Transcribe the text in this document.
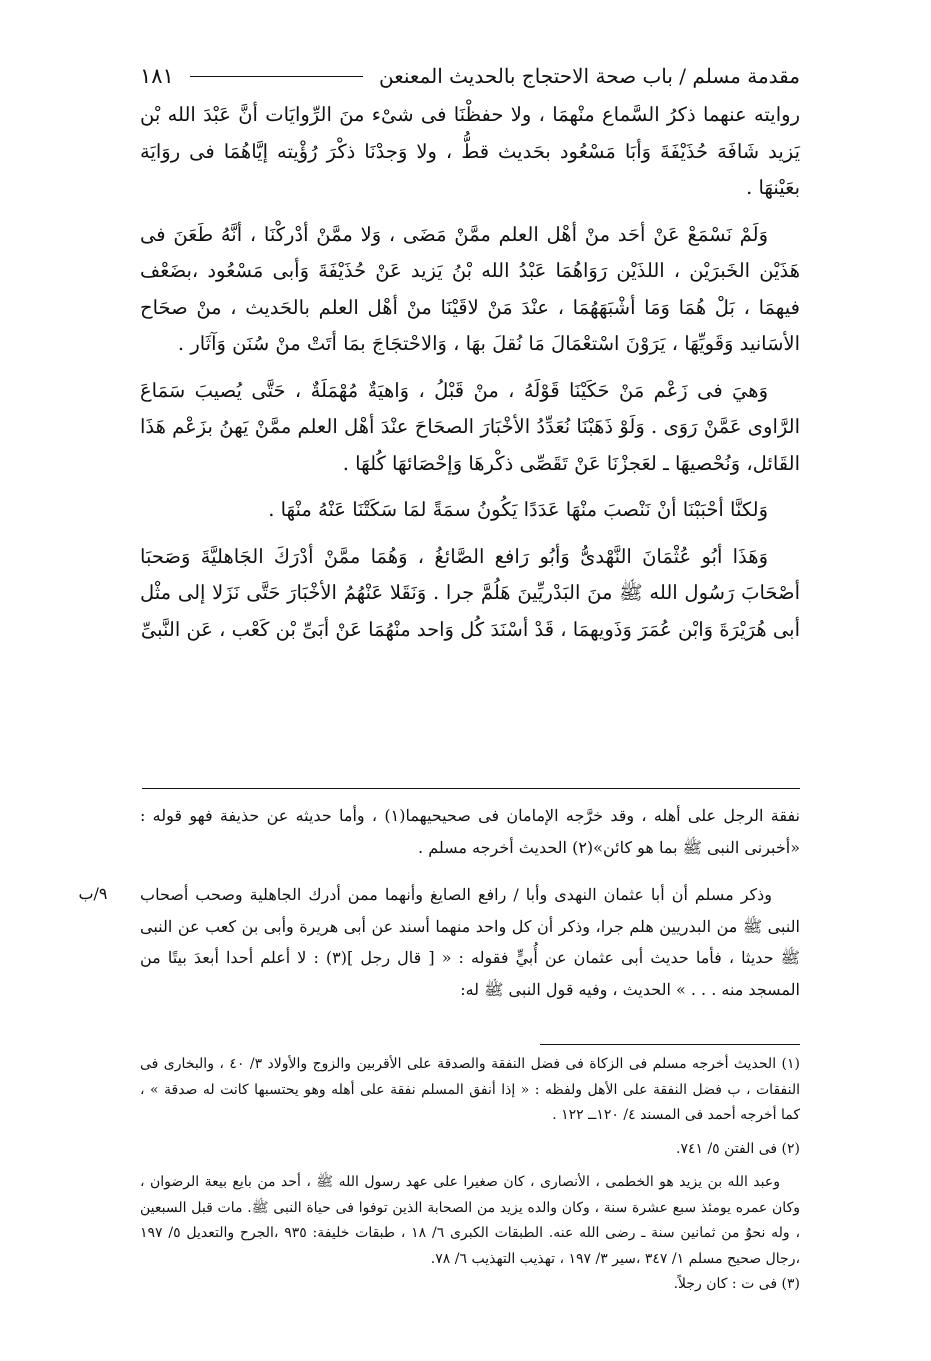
مقدمة مسلم / باب صحة الاحتجاج بالحديث المعنعن
١٨١

روايته عنهما ذكرُ السَّماع منْهمَا ، ولا حفظْنَا فى شىْء منَ الرِّوايَات أنَّ عَبْدَ الله بْن يَزيد شَافَهَ حُذَيْفَةَ وَأبَا مَسْعُود بحَديث قطُّ ، ولا وَجدْنَا ذكْرَ رُؤْيته إيَّاهُمَا فى روَايَة بعَيْنهَا .

وَلَمْ نَسْمَعْ عَنْ أحَد منْ أهْل العلم ممَّنْ مَضَى ، وَلا ممَّنْ أدْركْنَا ، أنَّهُ طَعَنَ فى هَذَيْن الخَبرَيْن ، اللذَيْن رَوَاهُمَا عَبْدُ الله بْنُ يَزيد عَنْ حُذَيْفَةَ وَأبى مَسْعُود ،بضَعْف فيهمَا ، بَلْ هُمَا وَمَا أشْبَهَهُمَا ، عنْدَ مَنْ لاقَيْنَا منْ أهْل العلم بالحَديث ، منْ صحَاح الأسَانيد وَقَويِّهَا ، يَرَوْنَ اسْتعْمَالَ مَا نُقلَ بهَا ، وَالاحْتجَاجَ بمَا أتَتْ منْ سُنَن وَآثَار .

وَهيَ فى زَعْم مَنْ حَكَيْنَا قَوْلَهُ ، منْ قَبْلُ ، وَاهيَةٌ مُهْمَلَةٌ ، حَتَّى يُصيبَ سَمَاعَ الرَّاوى عَمَّنْ رَوَى . وَلَوْ ذَهَبْنَا نُعَدِّدُ الأخْبَارَ الصحَاحَ عنْدَ أهْل العلم ممَّنْ يَهنُ بزَعْم هَذَا القَائل، وَنُحْصيهَا ـ لعَجزْنَا عَنْ تَقَصِّى ذكْرهَا وَإحْصَائهَا كُلهَا .

وَلكنَّا أحْبَبْنَا أنْ نَنْصبَ منْهَا عَدَدًا يَكُونُ سمَةً لمَا سَكَتْنَا عَنْهُ منْهَا .

وَهَذَا أبُو عُثْمَانَ النَّهْدىُّ وَأبُو رَافع الصَّائغُ ، وَهُمَا ممَّنْ أدْرَكَ الجَاهليَّةَ وَصَحبَا أصْحَابَ رَسُول الله ﷺ منَ البَدْريِّينَ هَلُمَّ جرا . وَنَقَلا عَنْهُمُ الأخْبَارَ حَتَّى نَزَلا إلى مثْل أبى هُرَيْرَةَ وَابْن عُمَرَ وَذَويهمَا ، قَدْ أسْنَدَ كُل وَاحد منْهُمَا عَنْ أبَىِّ بْن كَعْب ، عَن النَّبىِّ

نفقة الرجل على أهله ، وقد خرَّجه الإمامان فى صحيحيهما(١) ، وأما حديثه عن حذيفة فهو قوله : «أخبرنى النبى ﷺ بما هو كائن»(٢) الحديث أخرجه مسلم .

وذكر مسلم أن أبا عثمان النهدى وأبا / رافع الصايغ وأنهما ممن أدرك الجاهلية وصحب أصحاب النبى ﷺ من البدريين هلم جرا، وذكر أن كل واحد منهما أسند عن أبى هريرة وأبى بن كعب عن النبى ﷺ حديثا ، فأما حديث أبى عثمان عن أُبيٍّ فقوله : « [ قال رجل ](٣) : لا أعلم أحدا أبعدَ بيتًا من المسجد منه . . . » الحديث ، وفيه قول النبى ﷺ له:

٩/ب

(١) الحديث أخرجه مسلم فى الزكاة فى فضل النفقة والصدقة على الأقربين والزوج والأولاد ٣/ ٤٠ ، والبخارى فى النفقات ، ب فضل النفقة على الأهل ولفظه : « إذا أنفق المسلم نفقة على أهله وهو يحتسبها كانت له صدقة » ، كما أخرجه أحمد فى المسند ٤/ ١٢٠ــ ١٢٢ .

(٢) فى الفتن ٥/ ٧٤١.

وعبد الله بن يزيد هو الخطمى ، الأنصارى ، كان صغيرا على عهد رسول الله ﷺ ، أحد من بايع بيعة الرضوان ، وكان عمره يومئذ سبع عشرة سنة ، وكان والده يزيد من الصحابة الذين توفوا فى حياة النبى ﷺ. مات قبل السبعين ، وله نحوٌ من ثمانين سنة ـ رضى الله عنه. الطبقات الكبرى ٦/ ١٨ ، طبقات خليفة: ٩٣٥ ،الجرح والتعديل ٥/ ١٩٧ ،رجال صحيح مسلم ١/ ٣٤٧ ،سير ٣/ ١٩٧ ، تهذيب التهذيب ٦/ ٧٨.

(٣) فى ت : كان رجلاً.
